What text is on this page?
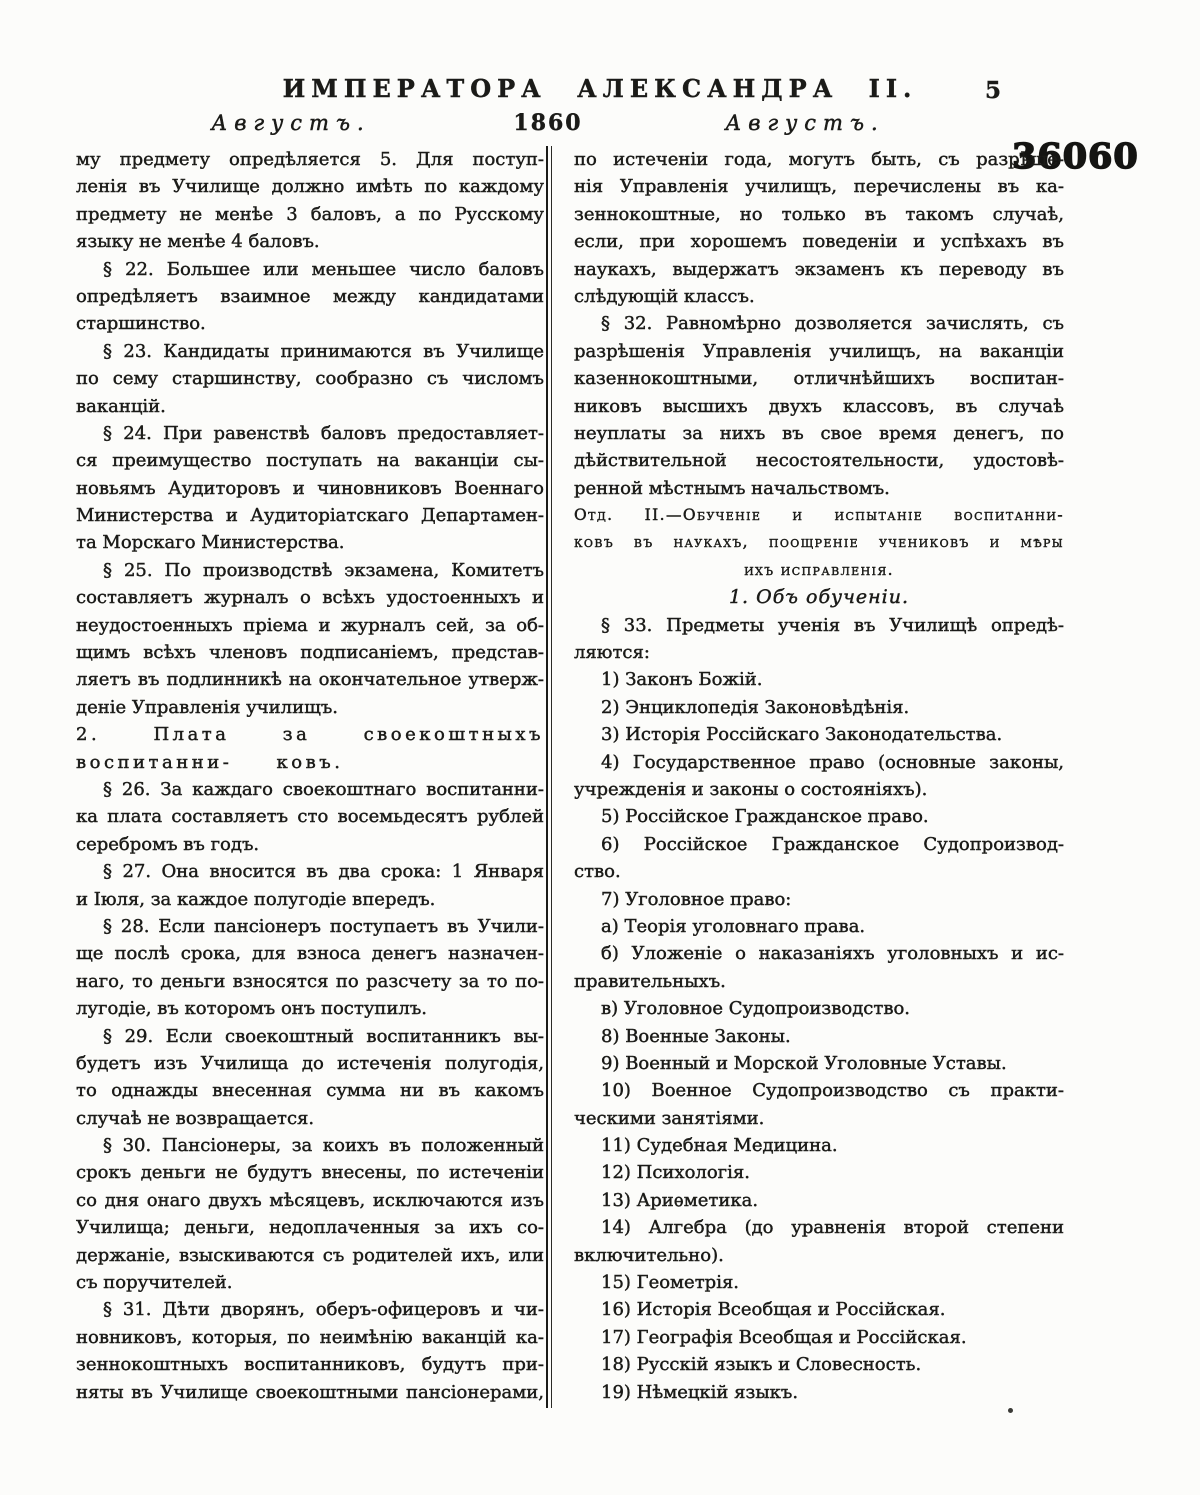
ИМПЕРАТОРА АЛЕКСАНДРА II.	5
Августъ.	1860	Августъ.
36060
му предмету опредѣляется 5. Для поступ-
ленія въ Училище должно имѣть по каждому
предмету не менѣе 3 баловъ, а по Русскому
языку не менѣе 4 баловъ.
§ 22. Большее или меньшее число баловъ
опредѣляетъ взаимное между кандидатами
старшинство.
§ 23. Кандидаты принимаются въ Училище
по сему старшинству, сообразно съ числомъ
ваканцій.
§ 24. При равенствѣ баловъ предоставляет-
ся преимущество поступать на ваканціи сы-
новьямъ Аудиторовъ и чиновниковъ Военнаго
Министерства и Аудиторіатскаго Департамен-
та Морскаго Министерства.
§ 25. По производствѣ экзамена, Комитетъ
составляетъ журналъ о всѣхъ удостоенныхъ и
неудостоенныхъ пріема и журналъ сей, за об-
щимъ всѣхъ членовъ подписаніемъ, представ-
ляетъ въ подлинникѣ на окончательное утверж-
деніе Управленія училищъ.
2. Плата за своекоштныхъ воспитанни-	ковъ.
§ 26. За каждаго своекоштнаго воспитанни-
ка плата составляетъ сто восемьдесятъ рублей
серебромъ въ годъ.
§ 27. Она вносится въ два срока: 1 Января
и Іюля, за каждое полугодіе впередъ.
§ 28. Если пансіонеръ поступаетъ въ Учили-
ще послѣ срока, для взноса денегъ назначен-
наго, то деньги взносятся по разсчету за то по-
лугодіе, въ которомъ онъ поступилъ.
§ 29. Если своекоштный воспитанникъ вы-
будетъ изъ Училища до истеченія полугодія,
то однажды внесенная сумма ни въ какомъ
случаѣ не возвращается.
§ 30. Пансіонеры, за коихъ въ положенный
срокъ деньги не будутъ внесены, по истеченіи
со дня онаго двухъ мѣсяцевъ, исключаются изъ
Училища; деньги, недоплаченныя за ихъ со-
держаніе, взыскиваются съ родителей ихъ, или
съ поручителей.
§ 31. Дѣти дворянъ, оберъ-офицеровъ и чи-
новниковъ, которыя, по неимѣнію ваканцій ка-
зеннокоштныхъ воспитанниковъ, будутъ при-
няты въ Училище своекоштными пансіонерами,
по истеченіи года, могутъ быть, съ разрѣше-
нія Управленія училищъ, перечислены въ ка-
зеннокоштные, но только въ такомъ случаѣ,
если, при хорошемъ поведеніи и успѣхахъ въ
наукахъ, выдержатъ экзаменъ къ переводу въ
слѣдующій классъ.
§ 32. Равномѣрно дозволяется зачислять, съ
разрѣшенія Управленія училищъ, на ваканціи
казеннокоштными, отличнѣйшихъ воспитан-
никовъ высшихъ двухъ классовъ, въ случаѣ
неуплаты за нихъ въ свое время денегъ, по
дѣйствительной несостоятельности, удостовѣ-
ренной мѣстнымъ начальствомъ.
Отд. II.—Обученіе и испытаніе воспитанни-
ковъ въ наукахъ, поощреніе учениковъ и мѣры
ихъ исправленія.
1. Объ обученіи.
§ 33. Предметы ученія въ Училищѣ опредѣ-
ляются:
1) Законъ Божій.
2) Энциклопедія Законовѣдѣнія.
3) Исторія Россійскаго Законодательства.
4) Государственное право (основные законы,
учрежденія и законы о состояніяхъ).
5) Россійское Гражданское право.
6) Россійское Гражданское Судопроизвод-
ство.
7) Уголовное право:
а) Теорія уголовнаго права.
б) Уложеніе о наказаніяхъ уголовныхъ и ис-
правительныхъ.
в) Уголовное Судопроизводство.
8) Военные Законы.
9) Военный и Морской Уголовные Уставы.
10) Военное Судопроизводство съ практи-
ческими занятіями.
11) Судебная Медицина.
12) Психологія.
13) Ариѳметика.
14) Алгебра (до уравненія второй степени
включительно).
15) Геометрія.
16) Исторія Всеобщая и Россійская.
17) Географія Всеобщая и Россійская.
18) Русскій языкъ и Словесность.
19) Нѣмецкій языкъ.
